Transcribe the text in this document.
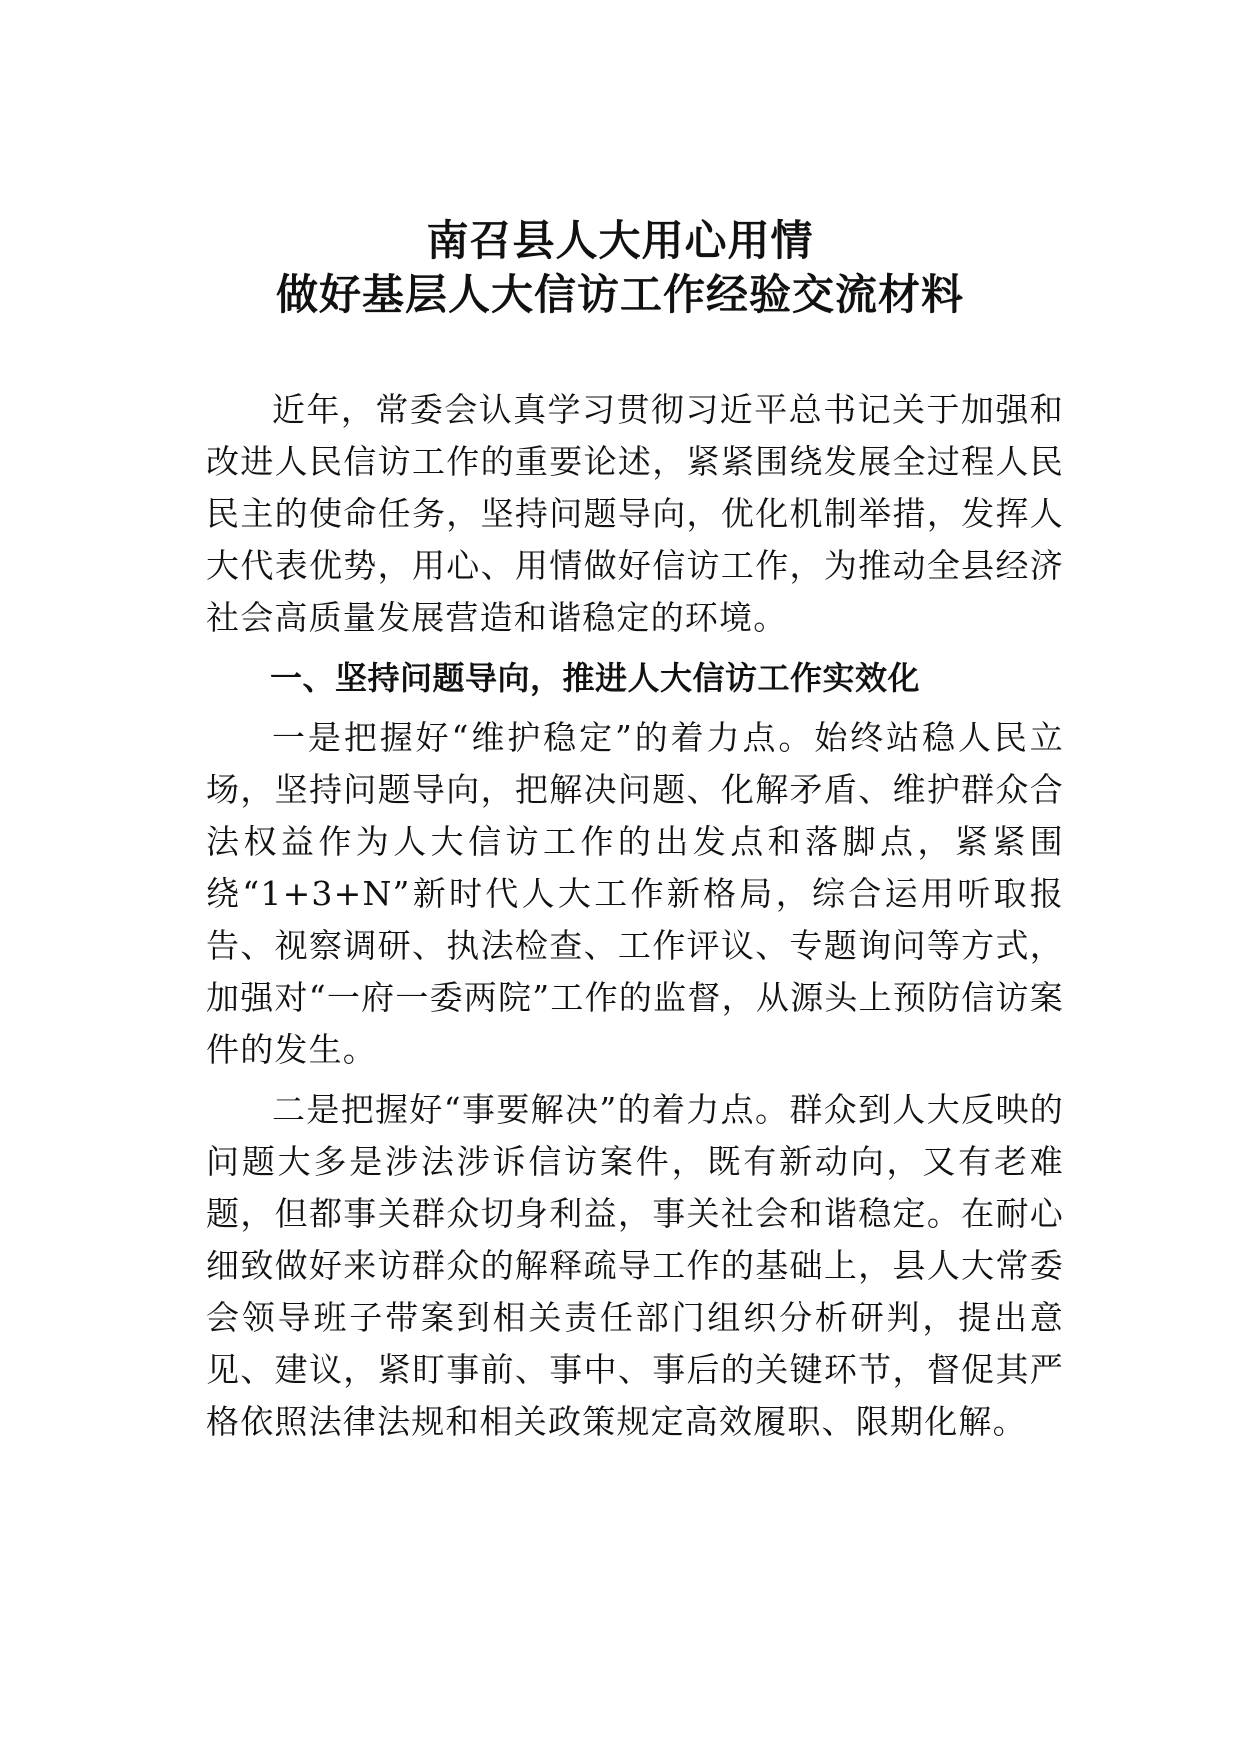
南召县人大用心用情
做好基层人大信访工作经验交流材料

近年，常委会认真学习贯彻习近平总书记关于加强和改进人民信访工作的重要论述，紧紧围绕发展全过程人民民主的使命任务，坚持问题导向，优化机制举措，发挥人大代表优势，用心、用情做好信访工作，为推动全县经济社会高质量发展营造和谐稳定的环境。

一、坚持问题导向，推进人大信访工作实效化

一是把握好“维护稳定”的着力点。始终站稳人民立场，坚持问题导向，把解决问题、化解矛盾、维护群众合法权益作为人大信访工作的出发点和落脚点，紧紧围绕“1+3+N”新时代人大工作新格局，综合运用听取报告、视察调研、执法检查、工作评议、专题询问等方式，加强对“一府一委两院”工作的监督，从源头上预防信访案件的发生。

二是把握好“事要解决”的着力点。群众到人大反映的问题大多是涉法涉诉信访案件，既有新动向，又有老难题，但都事关群众切身利益，事关社会和谐稳定。在耐心细致做好来访群众的解释疏导工作的基础上，县人大常委会领导班子带案到相关责任部门组织分析研判，提出意见、建议，紧盯事前、事中、事后的关键环节，督促其严格依照法律法规和相关政策规定高效履职、限期化解。
